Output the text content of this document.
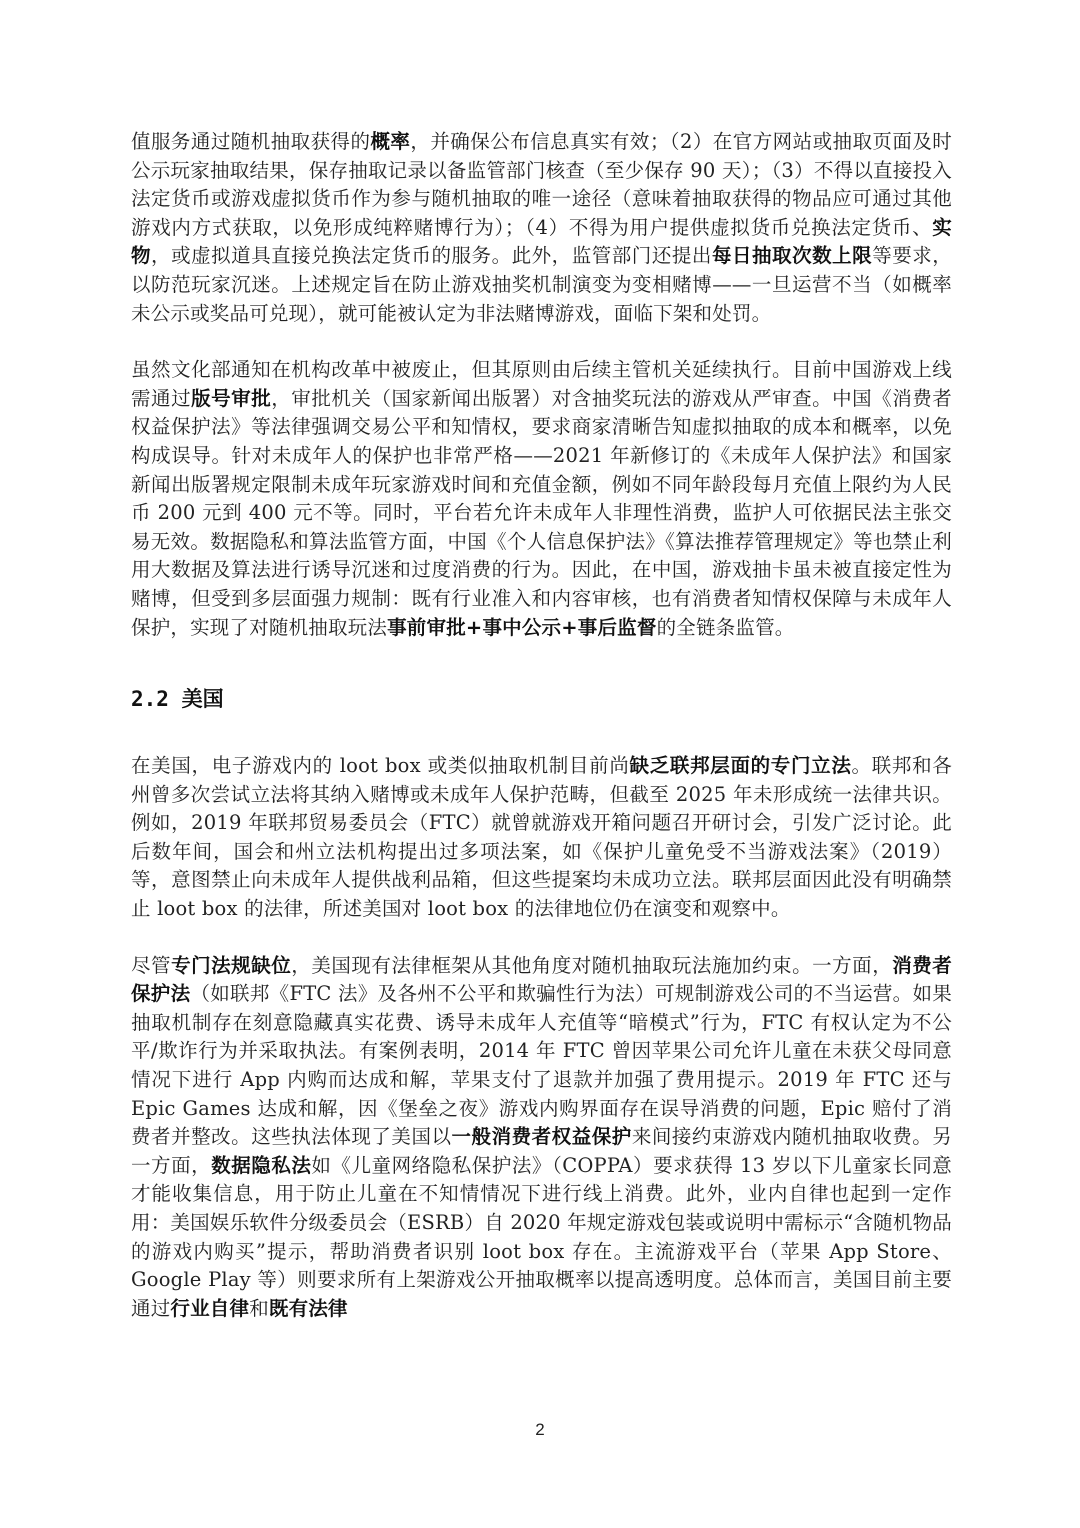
值服务通过随机抽取获得的概率，并确保公布信息真实有效；（2）在官方网站或抽取页面及时公示玩家抽取结果，保存抽取记录以备监管部门核查（至少保存 90 天）；（3）不得以直接投入法定货币或游戏虚拟货币作为参与随机抽取的唯一途径（意味着抽取获得的物品应可通过其他游戏内方式获取，以免形成纯粹赌博行为）；（4）不得为用户提供虚拟货币兑换法定货币、实物，或虚拟道具直接兑换法定货币的服务。此外，监管部门还提出每日抽取次数上限等要求，以防范玩家沉迷。上述规定旨在防止游戏抽奖机制演变为变相赌博——一旦运营不当（如概率未公示或奖品可兑现），就可能被认定为非法赌博游戏，面临下架和处罚。

虽然文化部通知在机构改革中被废止，但其原则由后续主管机关延续执行。目前中国游戏上线需通过版号审批，审批机关（国家新闻出版署）对含抽奖玩法的游戏从严审查。中国《消费者权益保护法》等法律强调交易公平和知情权，要求商家清晰告知虚拟抽取的成本和概率，以免构成误导。针对未成年人的保护也非常严格——2021 年新修订的《未成年人保护法》和国家新闻出版署规定限制未成年玩家游戏时间和充值金额，例如不同年龄段每月充值上限约为人民币 200 元到 400 元不等。同时，平台若允许未成年人非理性消费，监护人可依据民法主张交易无效。数据隐私和算法监管方面，中国《个人信息保护法》《算法推荐管理规定》等也禁止利用大数据及算法进行诱导沉迷和过度消费的行为。因此，在中国，游戏抽卡虽未被直接定性为赌博，但受到多层面强力规制：既有行业准入和内容审核，也有消费者知情权保障与未成年人保护，实现了对随机抽取玩法事前审批+事中公示+事后监督的全链条监管。

2.2 美国

在美国，电子游戏内的 loot box 或类似抽取机制目前尚缺乏联邦层面的专门立法。联邦和各州曾多次尝试立法将其纳入赌博或未成年人保护范畴，但截至 2025 年未形成统一法律共识。例如，2019 年联邦贸易委员会（FTC）就曾就游戏开箱问题召开研讨会，引发广泛讨论。此后数年间，国会和州立法机构提出过多项法案，如《保护儿童免受不当游戏法案》（2019）等，意图禁止向未成年人提供战利品箱，但这些提案均未成功立法。联邦层面因此没有明确禁止 loot box 的法律，所述美国对 loot box 的法律地位仍在演变和观察中。

尽管专门法规缺位，美国现有法律框架从其他角度对随机抽取玩法施加约束。一方面，消费者保护法（如联邦《FTC 法》及各州不公平和欺骗性行为法）可规制游戏公司的不当运营。如果抽取机制存在刻意隐藏真实花费、诱导未成年人充值等“暗模式”行为，FTC 有权认定为不公平/欺诈行为并采取执法。有案例表明，2014 年 FTC 曾因苹果公司允许儿童在未获父母同意情况下进行 App 内购而达成和解，苹果支付了退款并加强了费用提示。2019 年 FTC 还与 Epic Games 达成和解，因《堡垒之夜》游戏内购界面存在误导消费的问题，Epic 赔付了消费者并整改。这些执法体现了美国以一般消费者权益保护来间接约束游戏内随机抽取收费。另一方面，数据隐私法如《儿童网络隐私保护法》（COPPA）要求获得 13 岁以下儿童家长同意才能收集信息，用于防止儿童在不知情情况下进行线上消费。此外，业内自律也起到一定作用：美国娱乐软件分级委员会（ESRB）自 2020 年规定游戏包装或说明中需标示“含随机物品的游戏内购买”提示，帮助消费者识别 loot box 存在。主流游戏平台（苹果 App Store、Google Play 等）则要求所有上架游戏公开抽取概率以提高透明度。总体而言，美国目前主要通过行业自律和既有法律

2
